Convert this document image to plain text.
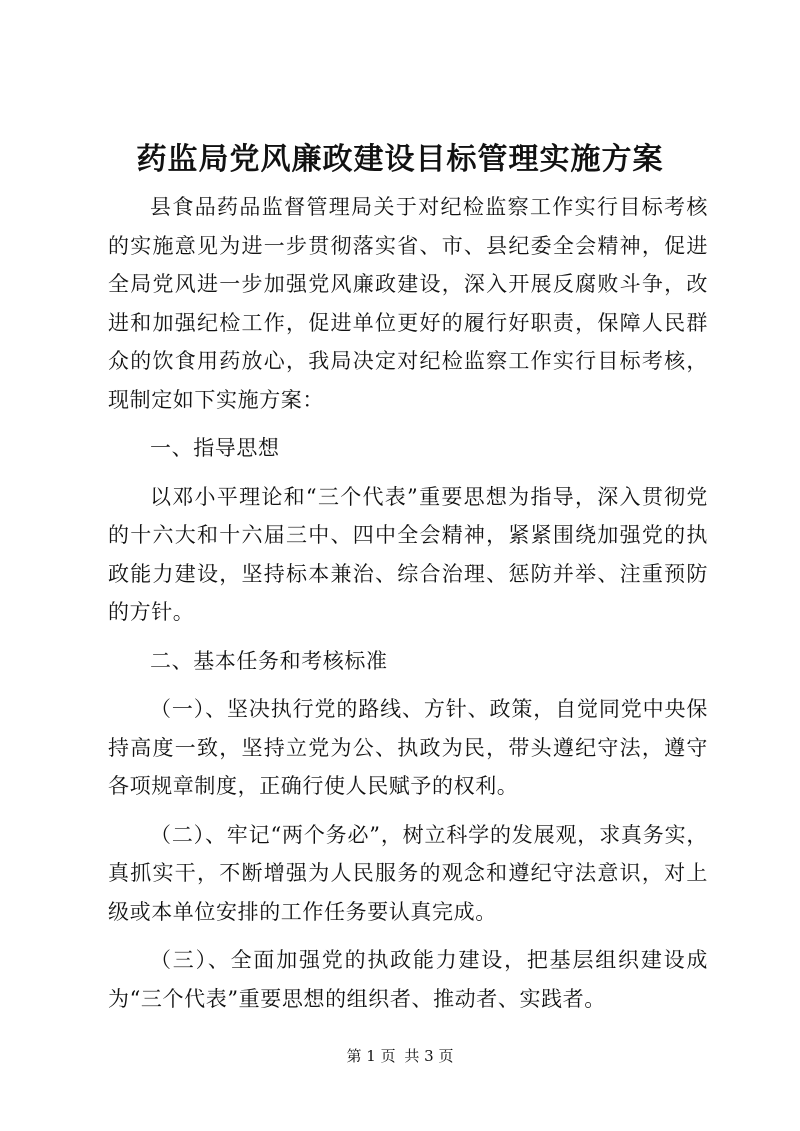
药监局党风廉政建设目标管理实施方案

县食品药品监督管理局关于对纪检监察工作实行目标考核的实施意见为进一步贯彻落实省、市、县纪委全会精神，促进全局党风进一步加强党风廉政建设，深入开展反腐败斗争，改进和加强纪检工作，促进单位更好的履行好职责，保障人民群众的饮食用药放心，我局决定对纪检监察工作实行目标考核，现制定如下实施方案：

一、指导思想

以邓小平理论和“三个代表”重要思想为指导，深入贯彻党的十六大和十六届三中、四中全会精神，紧紧围绕加强党的执政能力建设，坚持标本兼治、综合治理、惩防并举、注重预防的方针。

二、基本任务和考核标准

（一）、坚决执行党的路线、方针、政策，自觉同党中央保持高度一致，坚持立党为公、执政为民，带头遵纪守法，遵守各项规章制度，正确行使人民赋予的权利。

（二）、牢记“两个务必”，树立科学的发展观，求真务实，真抓实干，不断增强为人民服务的观念和遵纪守法意识，对上级或本单位安排的工作任务要认真完成。

（三）、全面加强党的执政能力建设，把基层组织建设成为“三个代表”重要思想的组织者、推动者、实践者。

第 1 页 共 3 页
